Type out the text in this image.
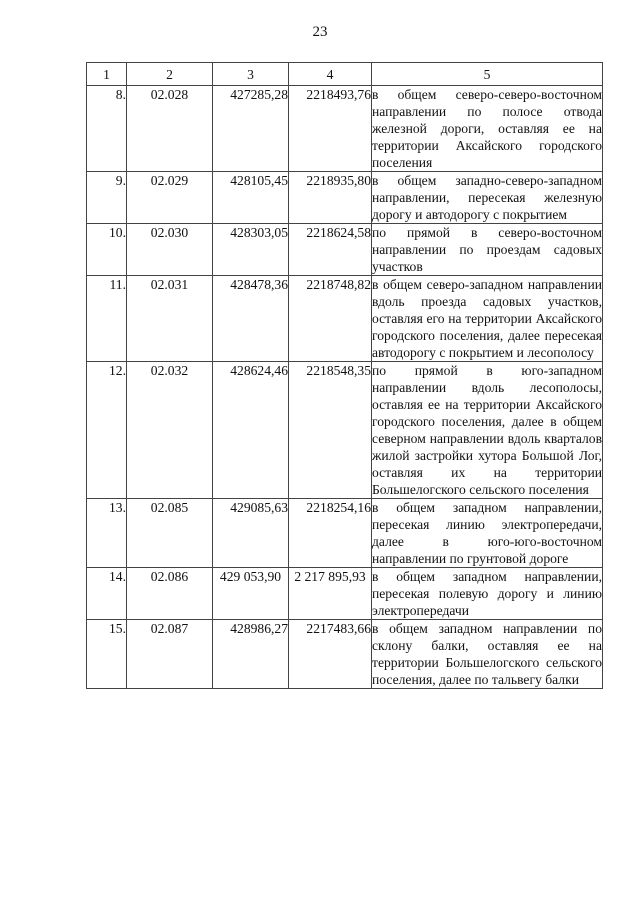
23
1	2	3	4	5
8.	02.028	427285,28	2218493,76	в общем северо-северо-восточном направлении по полосе отвода железной дороги, оставляя ее на территории Аксайского городского поселения
9.	02.029	428105,45	2218935,80	в общем западно-северо-западном направлении, пересекая железную дорогу и автодорогу с покрытием
10.	02.030	428303,05	2218624,58	по прямой в северо-восточном направлении по проездам садовых участков
11.	02.031	428478,36	2218748,82	в общем северо-западном направлении вдоль проезда садовых участков, оставляя его на территории Аксайского городского поселения, далее пересекая автодорогу с покрытием и лесополосу
12.	02.032	428624,46	2218548,35	по прямой в юго-западном направлении вдоль лесополосы, оставляя ее на территории Аксайского городского поселения, далее в общем северном направлении вдоль кварталов жилой застройки хутора Большой Лог, оставляя их на территории Большелогского сельского поселения
13.	02.085	429085,63	2218254,16	в общем западном направлении, пересекая линию электропередачи, далее в юго-юго-восточном направлении по грунтовой дороге
14.	02.086	429 053,90	2 217 895,93	в общем западном направлении, пересекая полевую дорогу и линию электропередачи
15.	02.087	428986,27	2217483,66	в общем западном направлении по склону балки, оставляя ее на территории Большелогского сельского поселения, далее по тальвегу балки
